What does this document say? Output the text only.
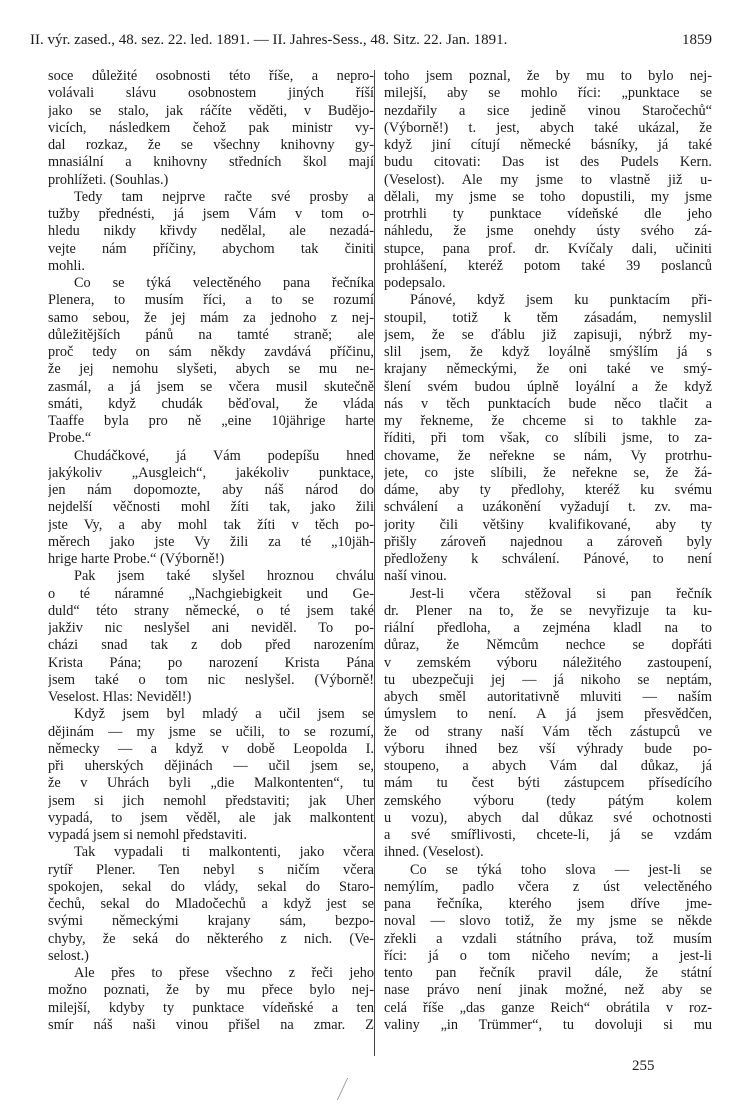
II. výr. zased., 48. sez. 22. led. 1891. — II. Jahres-Sess., 48. Sitz. 22. Jan. 1891.	1859
soce důležité osobnosti této říše, a nepro-
volávali slávu osobnostem jiných říší
jako se stalo, jak ráčíte věděti, v Budějo-
vicích, následkem čehož pak ministr vy-
dal rozkaz, že se všechny knihovny gy-
mnasiální a knihovny středních škol mají
prohlížeti. (Souhlas.)
Tedy tam nejprve račte své prosby a
tužby přednésti, já jsem Vám v tom o-
hledu nikdy křivdy nedělal, ale nezadá-
vejte nám příčiny, abychom tak činiti
mohli.
Co se týká velectěného pana řečníka
Plenera, to musím říci, a to se rozumí
samo sebou, že jej mám za jednoho z nej-
důležitějších pánů na tamté straně; ale
proč tedy on sám někdy zavdává příčinu,
že jej nemohu slyšeti, abych se mu ne-
zasmál, a já jsem se včera musil skutečně
smáti, když chudák běďoval, že vláda
Taaffe byla pro ně „eine 10jährige harte
Probe.“
Chudáčkové, já Vám podepíšu hned
jakýkoliv „Ausgleich“, jakékoliv punktace,
jen nám dopomozte, aby náš národ do
nejdelší věčnosti mohl žíti tak, jako žili
jste Vy, a aby mohl tak žíti v těch po-
měrech jako jste Vy žili za té „10jäh-
hrige harte Probe.“ (Výborně!)
Pak jsem také slyšel hroznou chválu
o té náramné „Nachgiebigkeit und Ge-
duld“ této strany německé, o té jsem také
jakživ nic neslyšel ani neviděl. To po-
cházi snad tak z dob před narozením
Krista Pána; po narození Krista Pána
jsem také o tom nic neslyšel. (Výborně!
Veselost. Hlas: Neviděl!)
Když jsem byl mladý a učil jsem se
dějinám — my jsme se učili, to se rozumí,
německy — a když v době Leopolda I.
při uherských dějinách — učil jsem se,
že v Uhrách byli „die Malkontenten“, tu
jsem si jich nemohl představiti; jak Uher
vypadá, to jsem věděl, ale jak malkontent
vypadá jsem si nemohl představiti.
Tak vypadali ti malkontenti, jako včera
rytíř Plener. Ten nebyl s ničím včera
spokojen, sekal do vlády, sekal do Staro-
čechů, sekal do Mladočechů a když jest se
svými německými krajany sám, bezpo-
chyby, že seká do některého z nich. (Ve-
selost.)
Ale přes to přese všechno z řeči jeho
možno poznati, že by mu přece bylo nej-
milejší, kdyby ty punktace vídeňské a ten
smír náš naši vinou přišel na zmar. Z
toho jsem poznal, že by mu to bylo nej-
milejší, aby se mohlo říci: „punktace se
nezdařily a sice jedině vinou Staročechů“
(Výborně!) t. jest, abych také ukázal, že
když jiní cítují německé básníky, já také
budu citovati: Das ist des Pudels Kern.
(Veselost). Ale my jsme to vlastně již u-
dělali, my jsme se toho dopustili, my jsme
protrhli ty punktace vídeňské dle jeho
náhledu, že jsme onehdy ústy svého zá-
stupce, pana prof. dr. Kvíčaly dali, učiniti
prohlášení, kteréž potom také 39 poslanců
podepsalo.
Pánové, když jsem ku punktacím při-
stoupil, totiž k těm zásadám, nemyslil
jsem, že se ďáblu již zapisuji, nýbrž my-
slil jsem, že když loyálně smýšlím já s
krajany německými, že oni také ve smý-
šlení svém budou úplně loyální a že když
nás v těch punktacích bude něco tlačit a
my řekneme, že chceme si to takhle za-
říditi, při tom však, co slíbili jsme, to za-
chovame, že neřekne se nám, Vy protrhu-
jete, co jste slíbili, že neřekne se, že žá-
dáme, aby ty předlohy, kteréž ku svému
schválení a uzákonění vyžadují t. zv. ma-
jority čili většiny kvalifikované, aby ty
přišly zároveň najednou a zároveň byly
předloženy k schválení. Pánové, to není
naší vinou.
Jest-li včera stěžoval si pan řečník
dr. Plener na to, že se nevyřizuje ta ku-
riální předloha, a zejména kladl na to
důraz, že Němcům nechce se dopřáti
v zemském výboru náležitého zastoupení,
tu ubezpečuji jej — já nikoho se neptám,
abych směl autoritativně mluviti — naším
úmyslem to není. A já jsem přesvědčen,
že od strany naší Vám těch zástupců ve
výboru ihned bez vší výhrady bude po-
stoupeno, a abych Vám dal důkaz, já
mám tu čest býti zástupcem přísedícího
zemského výboru (tedy pátým kolem
u vozu), abych dal důkaz své ochotnosti
a své smířlivosti, chcete-li, já se vzdám
ihned. (Veselost).
Co se týká toho slova — jest-li se
nemýlím, padlo včera z úst velectěného
pana řečníka, kterého jsem dříve jme-
noval — slovo totiž, že my jsme se někde
zřekli a vzdali státního práva, tož musím
říci: já o tom ničeho nevím; a jest-li
tento pan řečník pravil dále, že státní
nase právo není jinak možné, než aby se
celá říše „das ganze Reich“ obrátila v roz-
valiny „in Trümmer“, tu dovoluji si mu
255
